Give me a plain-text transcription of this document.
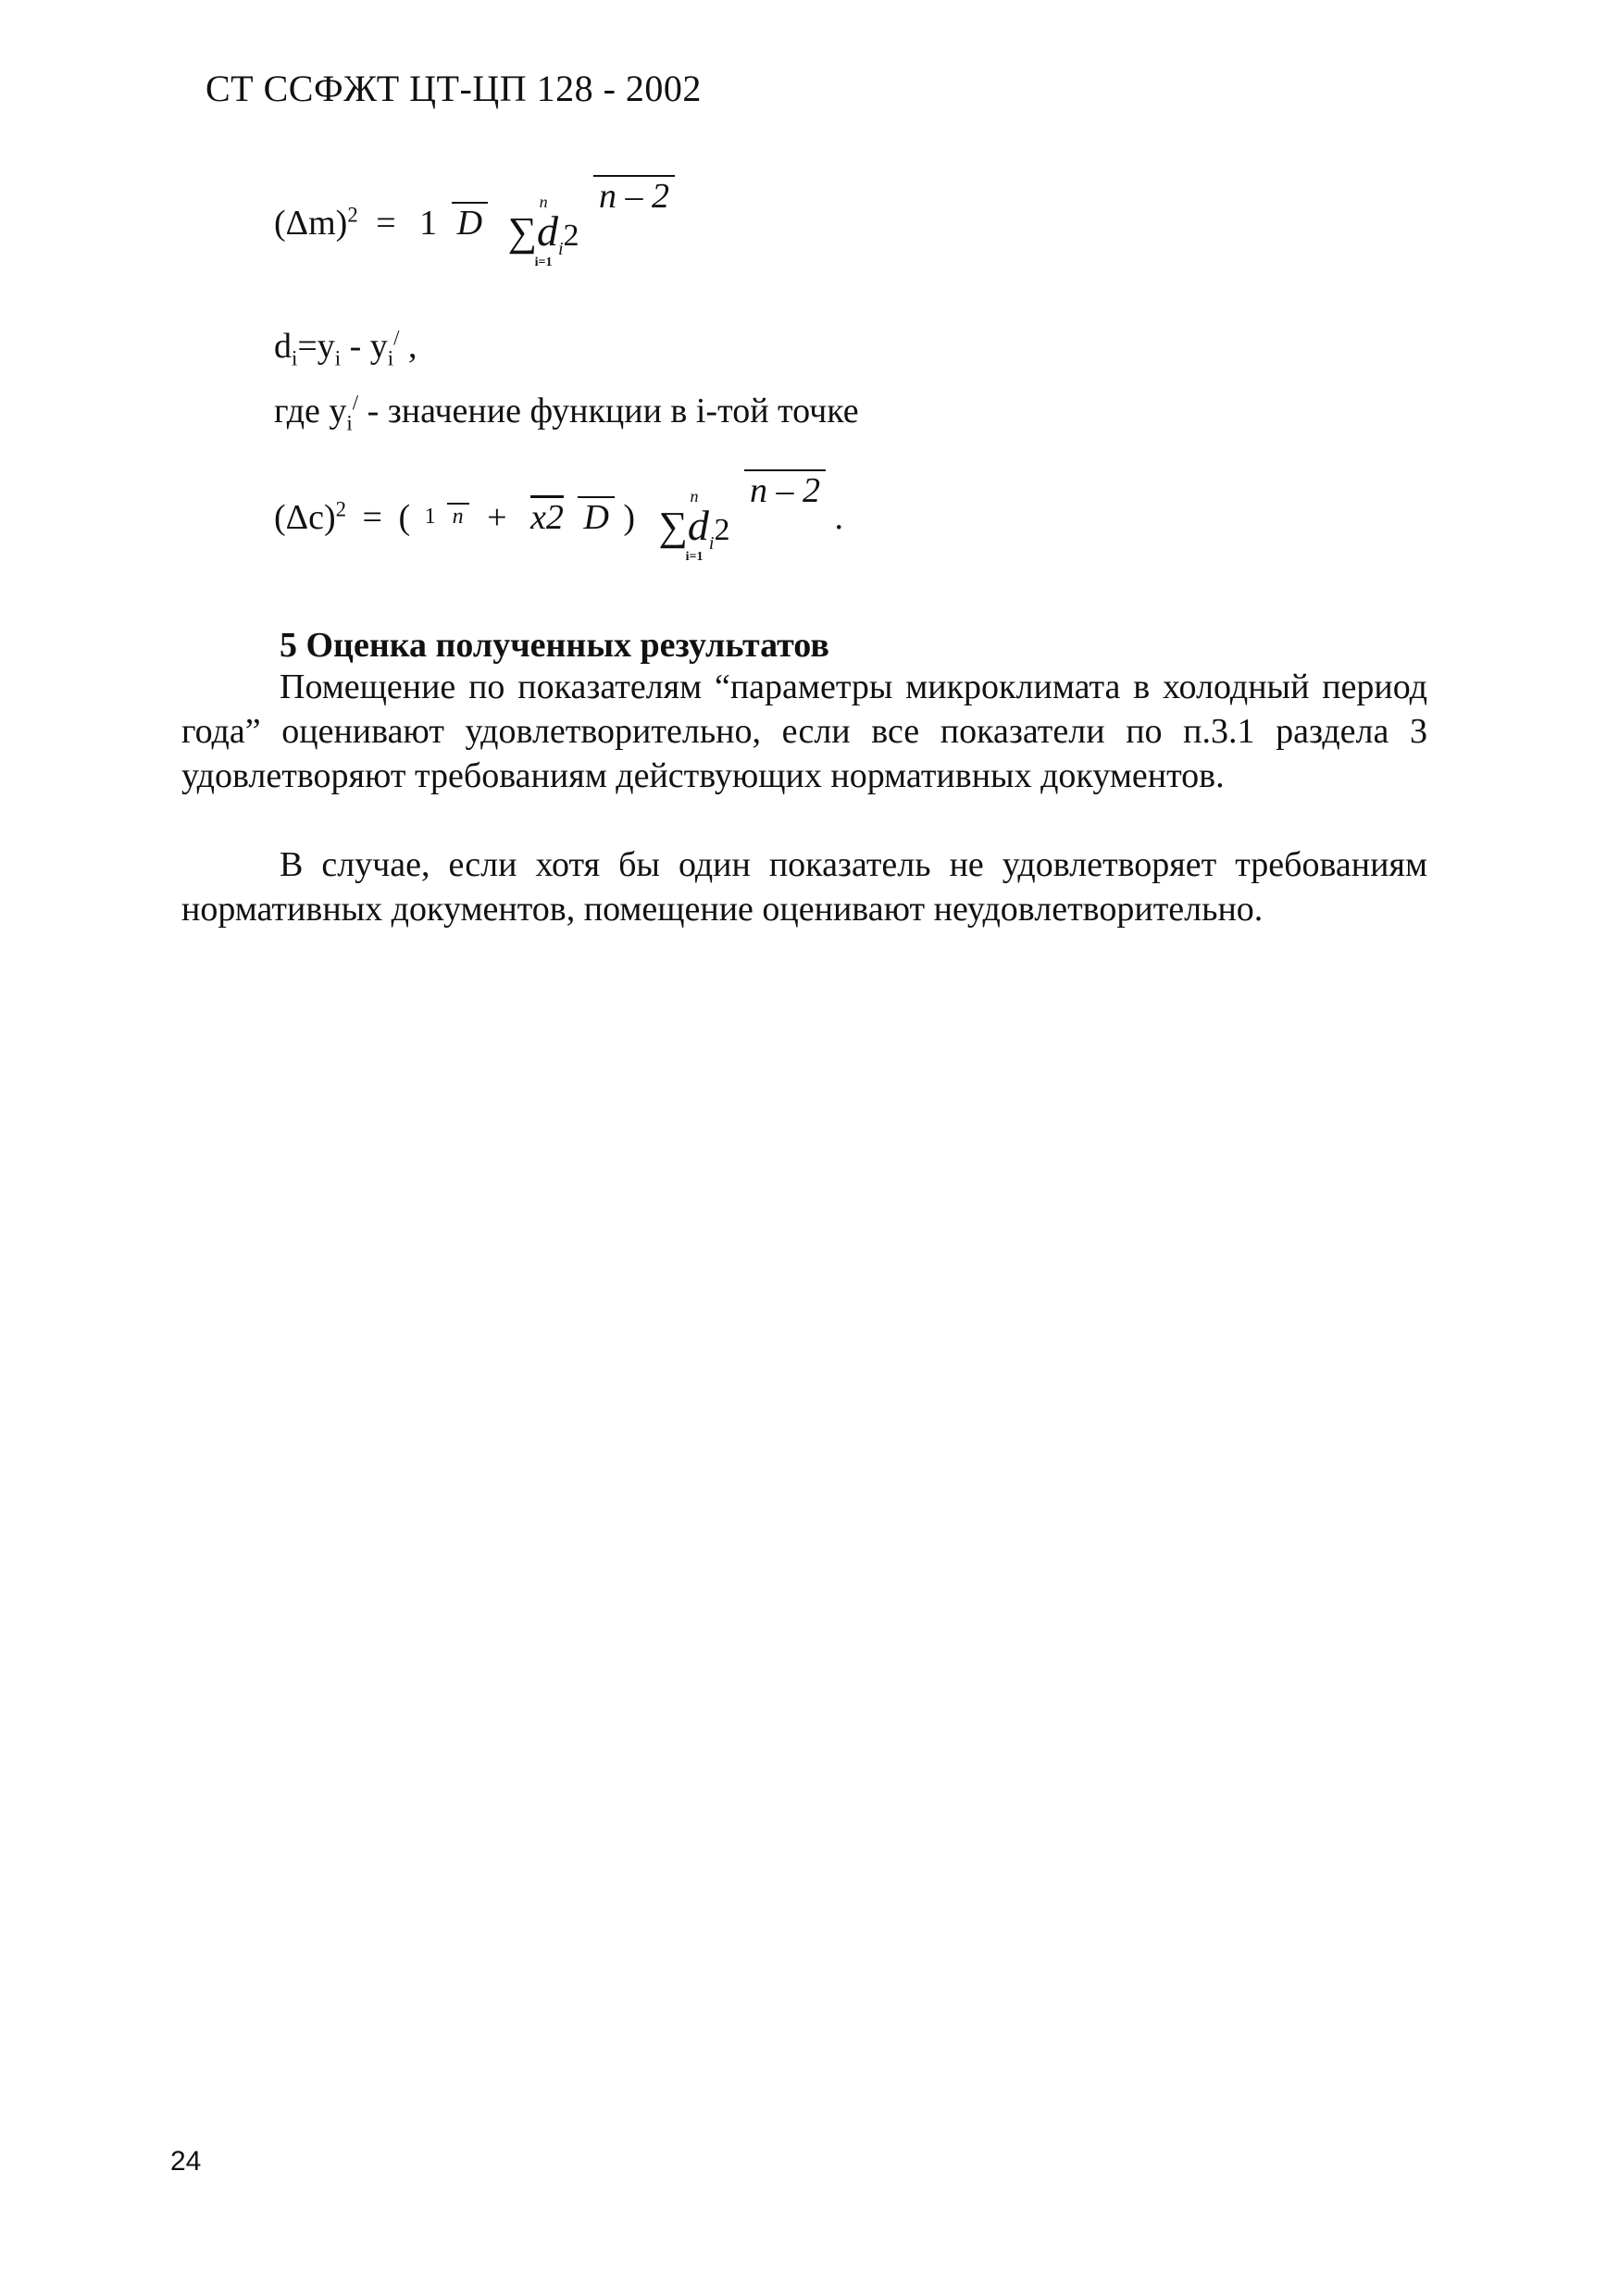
СТ ССФЖТ ЦТ-ЦП 128 - 2002
$(\Delta m)^2 = 1$ D
n
∑ $d_i2$
i=1
n – 2
$d_i=y_i - y_i^/$ ,
где $y_i^/$ - значение функции в i-той точке
$(\Delta c)^2$ = ( 1 n + x2 D )
n
∑ $d_i2$
i=1
n – 2 .
5 Оценка полученных результатов

Помещение по показателям “параметры микроклимата в холодный период года” оценивают удовлетворительно, если все показатели по п.3.1 раздела 3 удовлетворяют требованиям действующих нормативных документов.

В случае, если хотя бы один показатель не удовлетворяет требованиям нормативных документов, помещение оценивают неудовлетворительно.

24
